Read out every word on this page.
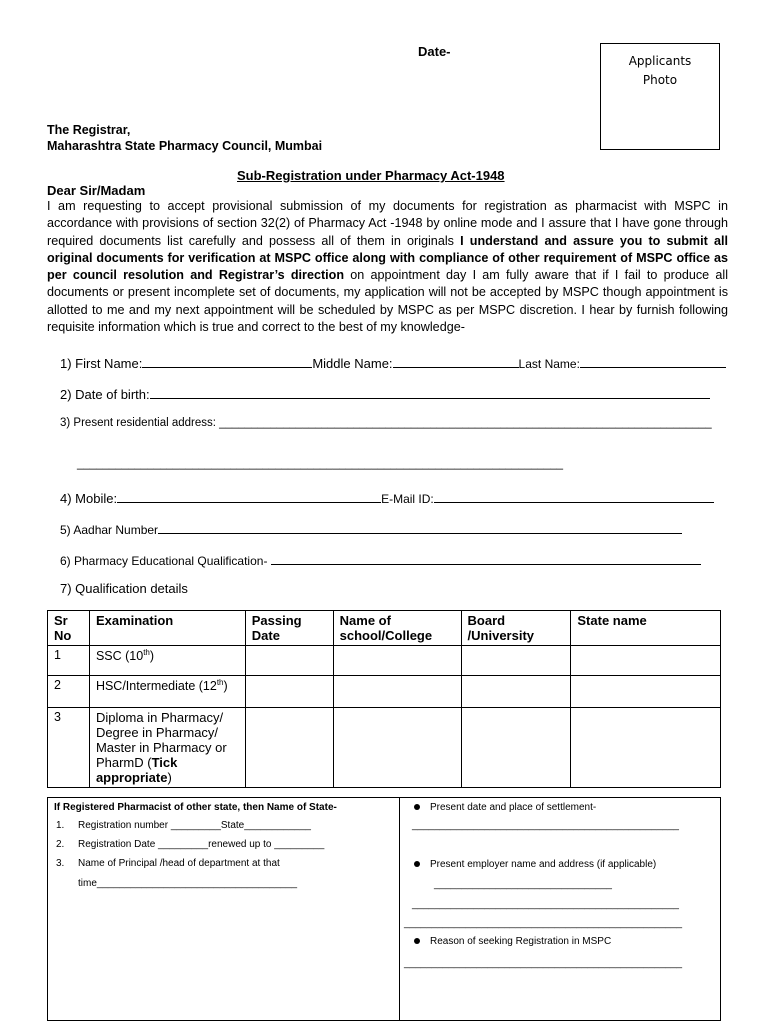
Date-
Applicants
Photo
The Registrar,
Maharashtra State Pharmacy Council, Mumbai
Sub-Registration under Pharmacy Act-1948
Dear Sir/Madam
I am requesting to accept provisional submission of my documents for registration as pharmacist with MSPC in accordance with provisions of section 32(2) of Pharmacy Act -1948 by online mode and I assure that I have gone through required documents list carefully and possess all of them in originals I understand and assure you to submit all original documents for verification at MSPC office along with compliance of other requirement of MSPC office as per council resolution and Registrar’s direction on appointment day I am fully aware that if I fail to produce all documents or present incomplete set of documents, my application will not be accepted by MSPC though appointment is allotted to me and my next appointment will be scheduled by MSPC as per MSPC discretion. I hear by furnish following requisite information which is true and correct to the best of my knowledge-
1) First Name:	Middle Name:	Last Name:
2) Date of birth:
3) Present residential address: _____________________________________________________________________________
____________________________________________________________________________
4) Mobile:	E-Mail ID:
5) Aadhar Number
6) Pharmacy Educational Qualification-
7) Qualification details
Sr No	Examination	Passing Date	Name of school/College	Board /University	State name
1	SSC (10th)				
2	HSC/Intermediate (12th)				
3	Diploma in Pharmacy/ Degree in Pharmacy/ Master in Pharmacy or PharmD (Tick appropriate)				
If Registered Pharmacist of other state, then Name of State-
1. Registration number _________State____________
2. Registration Date _________renewed up to _________
3. Name of Principal /head of department at that
time____________________________________
Present date and place of settlement-
________________________________________________
Present employer name and address (if applicable)
________________________________
________________________________________________
__________________________________________________
Reason of seeking Registration in MSPC
__________________________________________________
